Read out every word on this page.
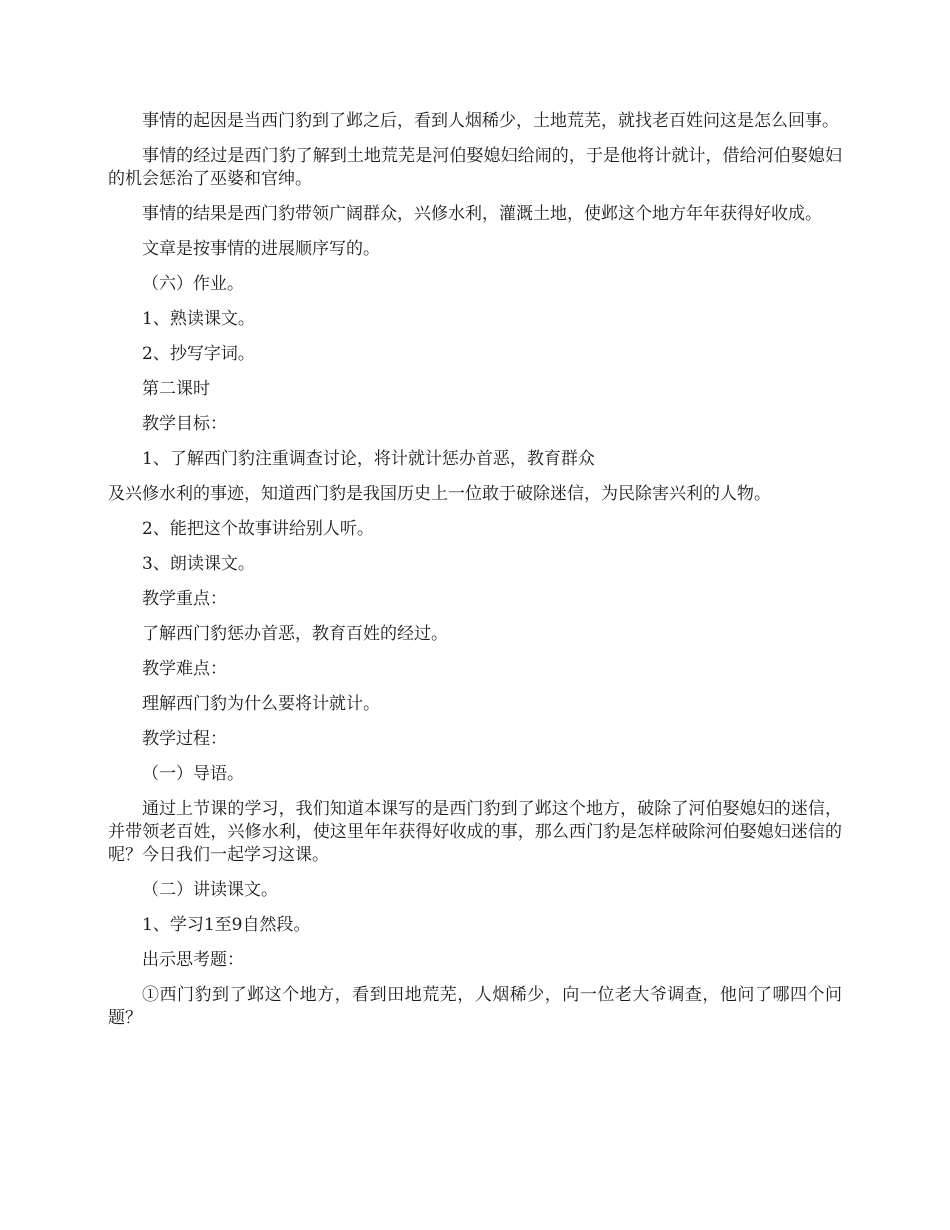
事情的起因是当西门豹到了邺之后，看到人烟稀少，土地荒芜，就找老百姓问这是怎么回事。

事情的经过是西门豹了解到土地荒芜是河伯娶媳妇给闹的，于是他将计就计，借给河伯娶媳妇的机会惩治了巫婆和官绅。

事情的结果是西门豹带领广阔群众，兴修水利，灌溉土地，使邺这个地方年年获得好收成。

文章是按事情的进展顺序写的。

（六）作业。

1、熟读课文。

2、抄写字词。

第二课时

教学目标：

1、了解西门豹注重调查讨论，将计就计惩办首恶，教育群众

及兴修水利的事迹，知道西门豹是我国历史上一位敢于破除迷信，为民除害兴利的人物。

2、能把这个故事讲给别人听。

3、朗读课文。

教学重点：

了解西门豹惩办首恶，教育百姓的经过。

教学难点：

理解西门豹为什么要将计就计。

教学过程：

（一）导语。

通过上节课的学习，我们知道本课写的是西门豹到了邺这个地方，破除了河伯娶媳妇的迷信，并带领老百姓，兴修水利，使这里年年获得好收成的事，那么西门豹是怎样破除河伯娶媳妇迷信的呢？今日我们一起学习这课。

（二）讲读课文。

1、学习1至9自然段。

出示思考题：

①西门豹到了邺这个地方，看到田地荒芜，人烟稀少，向一位老大爷调查，他问了哪四个问题？
